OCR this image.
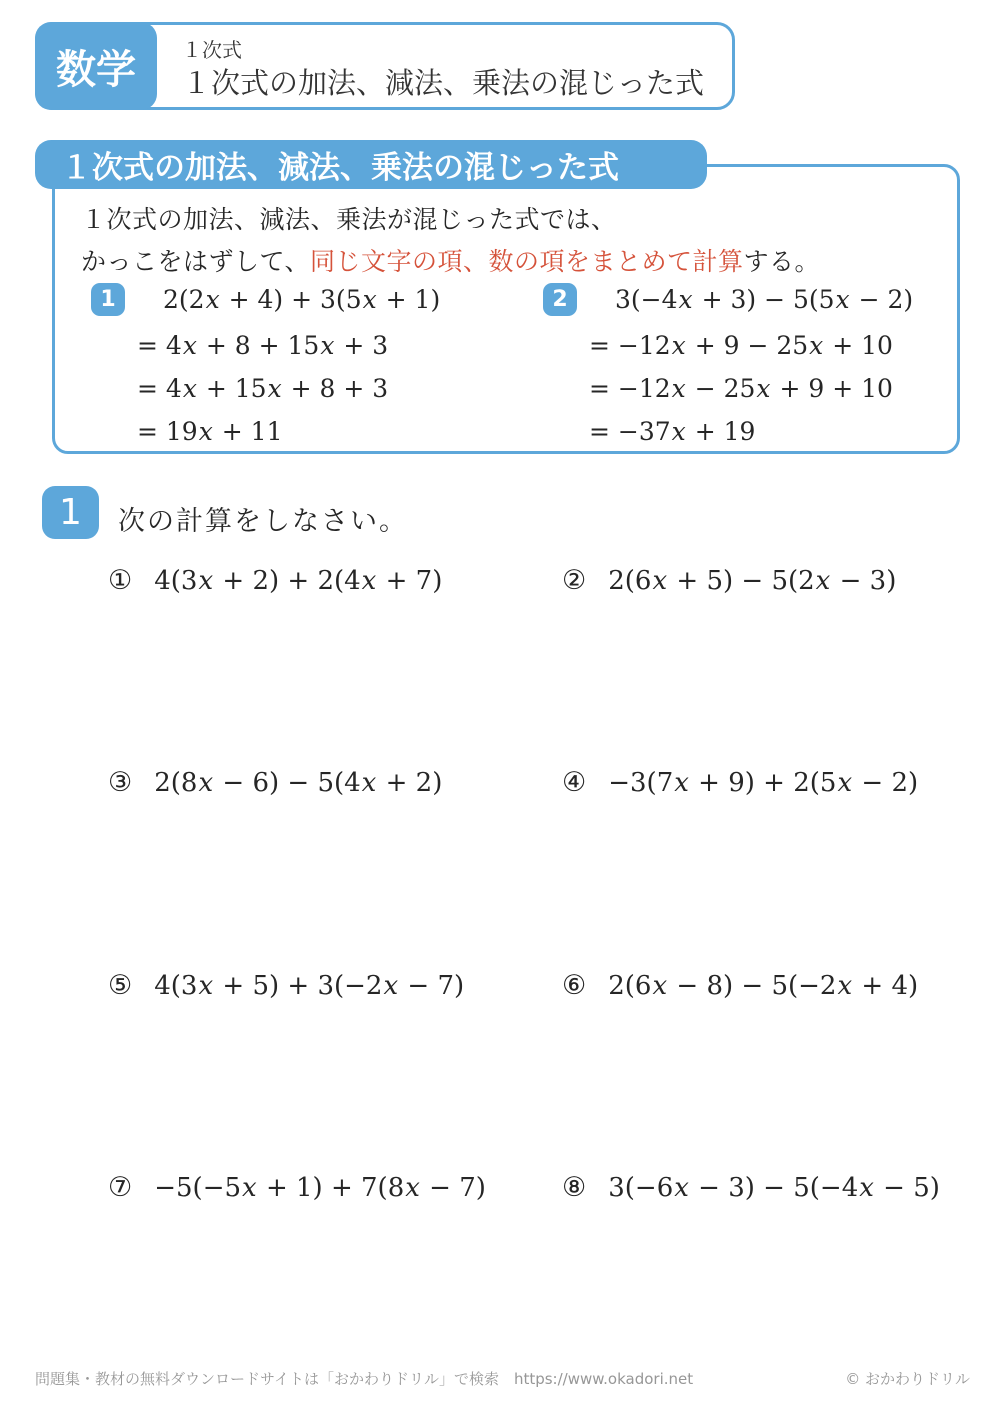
数学	１次式
１次式の加法、減法、乗法の混じった式
１次式の加法、減法、乗法の混じった式
１次式の加法、減法、乗法が混じった式では、
かっこをはずして、同じ文字の項、数の項をまとめて計算する。
1	2(2x + 4) + 3(5x + 1)
= 4x + 8 + 15x + 3
= 4x + 15x + 8 + 3
= 19x + 11
2	3(−4x + 3) − 5(5x − 2)
= −12x + 9 − 25x + 10
= −12x − 25x + 9 + 10
= −37x + 19
1	次の計算をしなさい。
① 4(3x + 2) + 2(4x + 7)	② 2(6x + 5) − 5(2x − 3)
③ 2(8x − 6) − 5(4x + 2)	④ −3(7x + 9) + 2(5x − 2)
⑤ 4(3x + 5) + 3(−2x − 7)	⑥ 2(6x − 8) − 5(−2x + 4)
⑦ −5(−5x + 1) + 7(8x − 7)	⑧ 3(−6x − 3) − 5(−4x − 5)
問題集・教材の無料ダウンロードサイトは「おかわりドリル」で検索　https://www.okadori.net	© おかわりドリル
